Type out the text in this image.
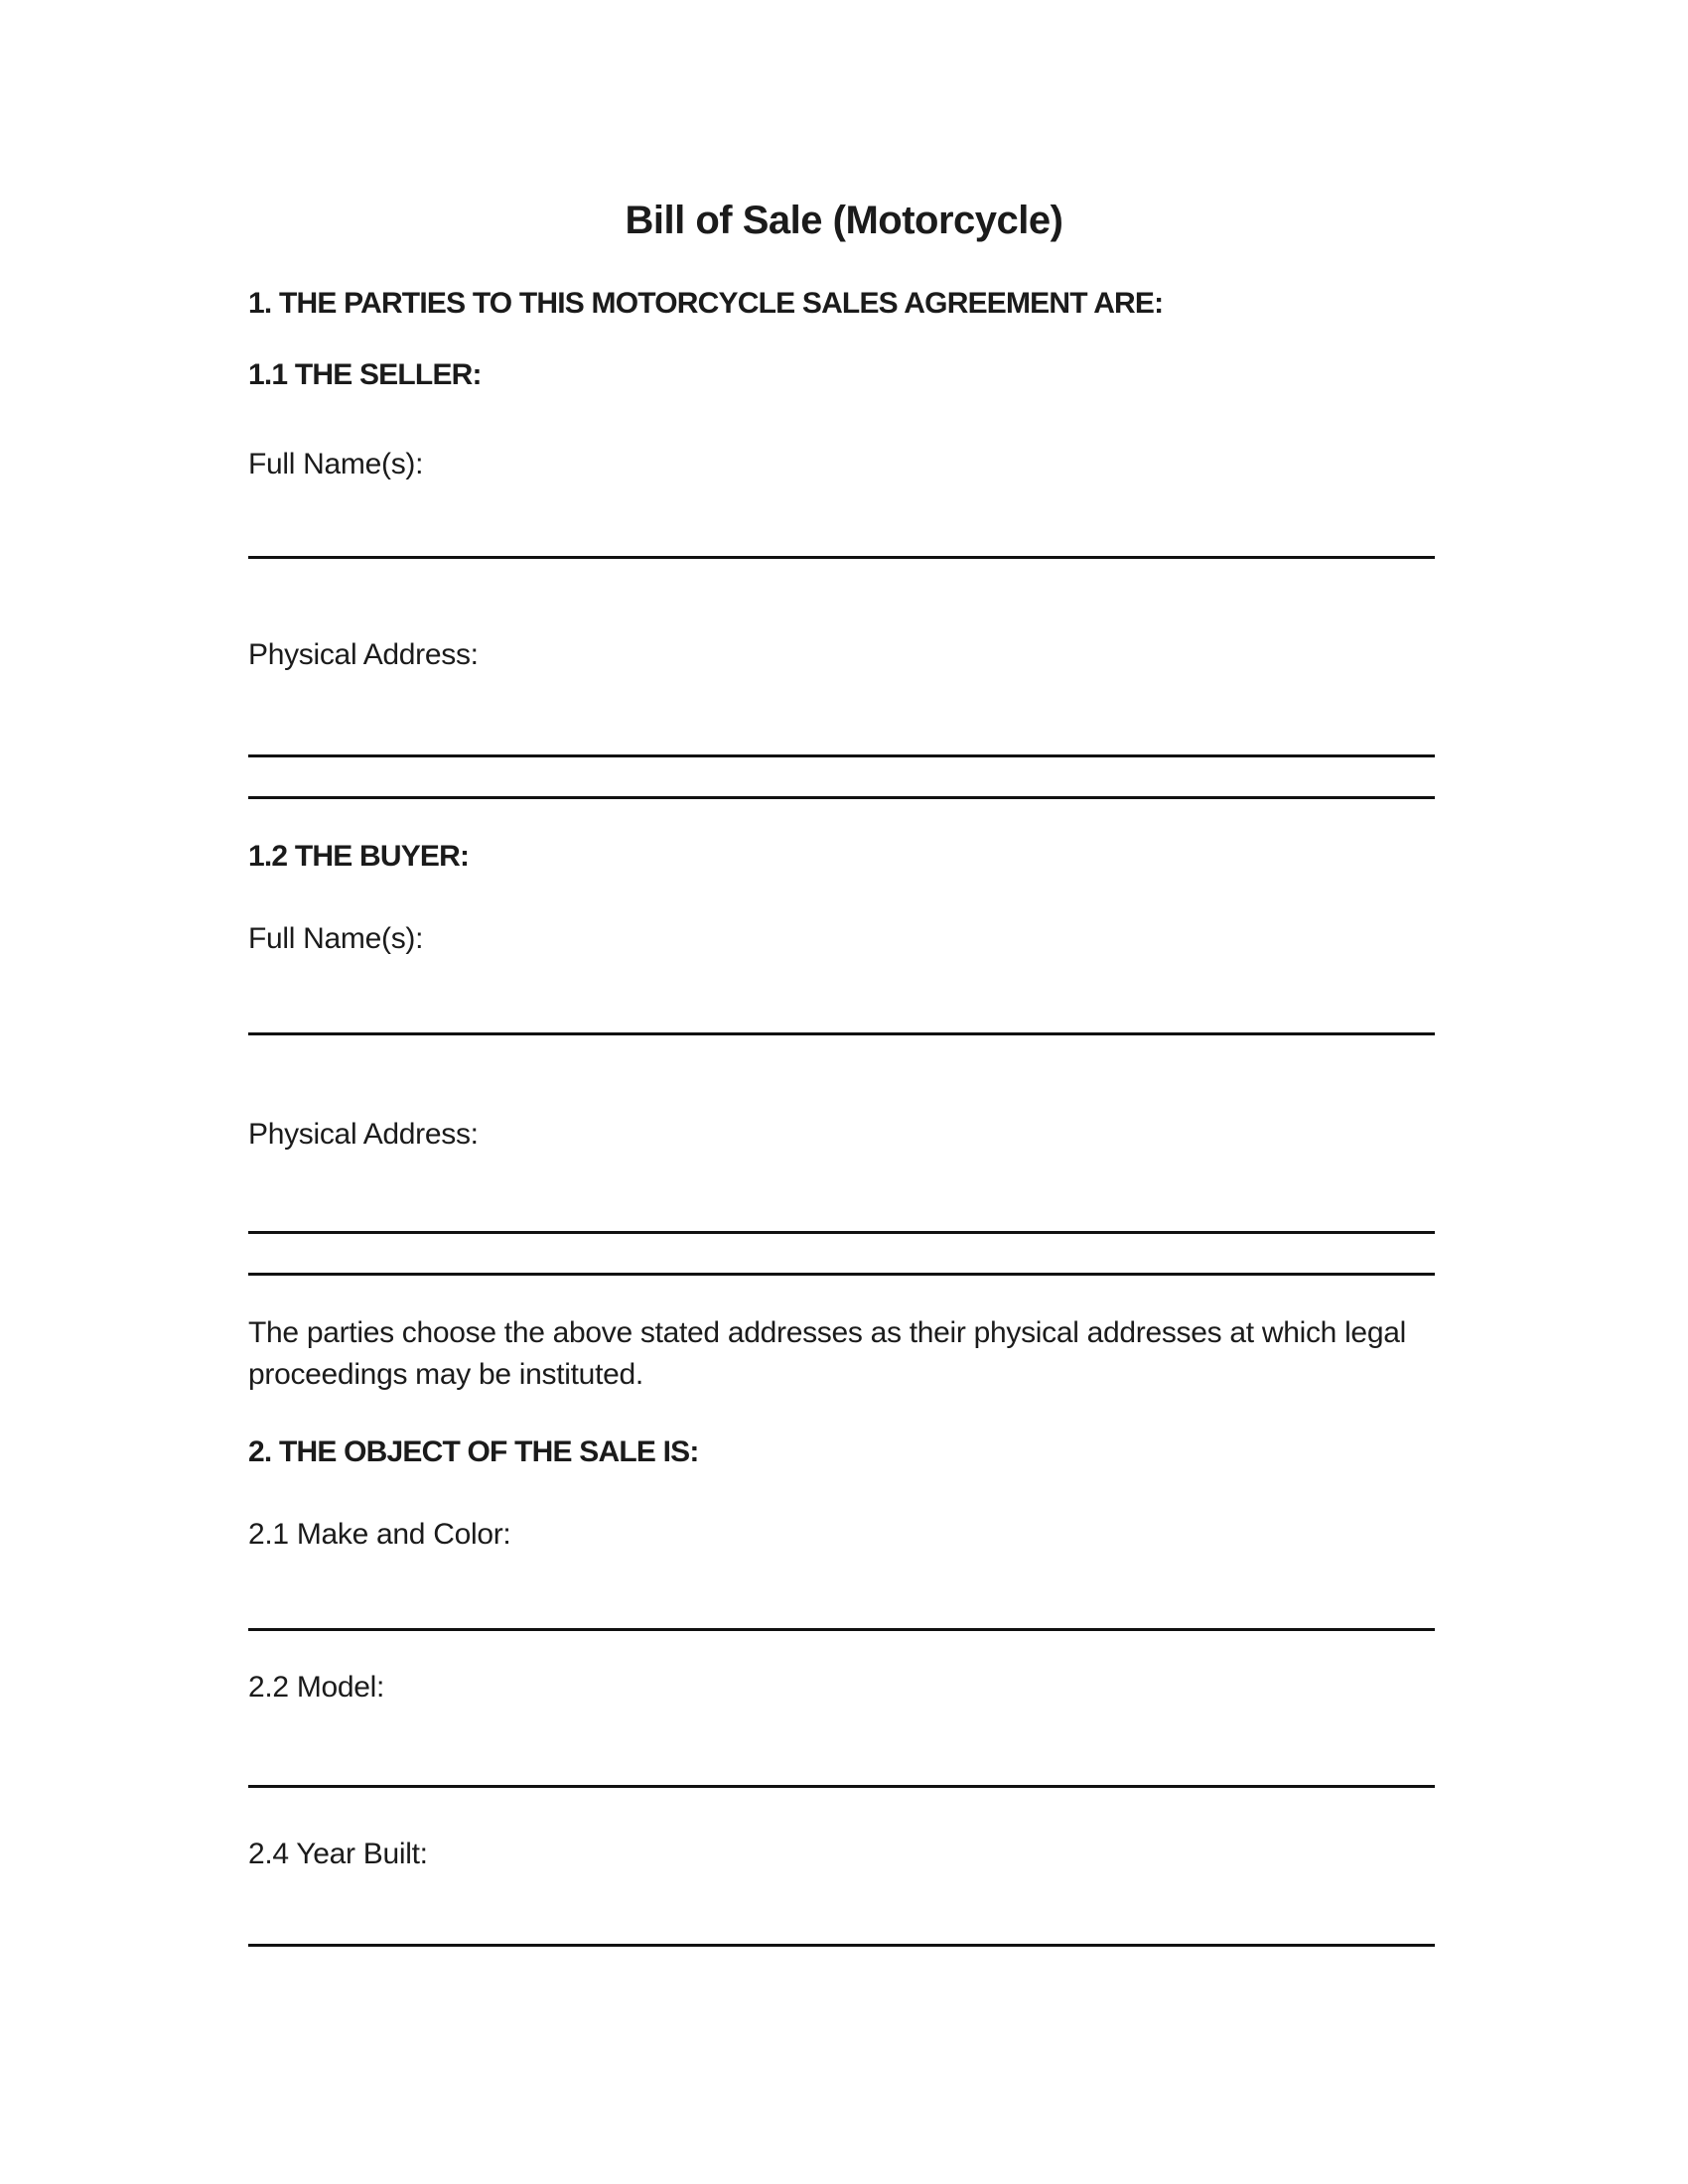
Bill of Sale (Motorcycle)
1. THE PARTIES TO THIS MOTORCYCLE SALES AGREEMENT ARE:
1.1 THE SELLER:
Full Name(s):
Physical Address:
1.2 THE BUYER:
Full Name(s):
Physical Address:
The parties choose the above stated addresses as their physical addresses at which legal proceedings may be instituted.
2. THE OBJECT OF THE SALE IS:
2.1 Make and Color:
2.2 Model:
2.4 Year Built:
